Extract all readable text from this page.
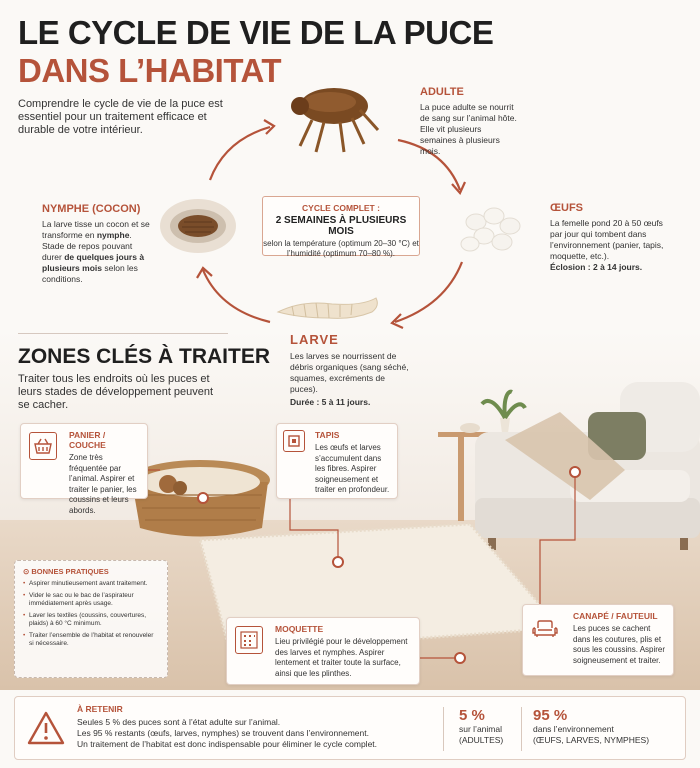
LE CYCLE DE VIE DE LA PUCE
DANS L’HABITAT
Comprendre le cycle de vie de la puce est essentiel pour un traitement efficace et durable de votre intérieur.
ADULTE
La puce adulte se nourrit de sang sur l’animal hôte. Elle vit plusieurs semaines à plusieurs mois.
ŒUFS
La femelle pond 20 à 50 œufs par jour qui tombent dans l’environnement (panier, tapis, moquette, etc.).
Éclosion : 2 à 14 jours.
LARVE
Les larves se nourrissent de débris organiques (sang séché, squames, excréments de puces).
Durée : 5 à 11 jours.
NYMPHE (COCON)
La larve tisse un cocon et se transforme en nymphe. Stade de repos pouvant durer de quelques jours à plusieurs mois selon les conditions.
CYCLE COMPLET :
2 SEMAINES À PLUSIEURS MOIS
selon la température (optimum 20–30 °C) et l’humidité (optimum 70–80 %).
ZONES CLÉS À TRAITER
Traiter tous les endroits où les puces et leurs stades de développement peuvent se cacher.
PANIER / COUCHE
Zone très fréquentée par l’animal. Aspirer et traiter le panier, les coussins et leurs abords.
TAPIS
Les œufs et larves s’accumulent dans les fibres. Aspirer soigneusement et traiter en profondeur.
MOQUETTE
Lieu privilégié pour le développement des larves et nymphes. Aspirer lentement et traiter toute la surface, ainsi que les plinthes.
CANAPÉ / FAUTEUIL
Les puces se cachent dans les coutures, plis et sous les coussins. Aspirer soigneusement et traiter.
⊙ BONNES PRATIQUES
• Aspirer minutieusement avant traitement.
• Vider le sac ou le bac de l’aspirateur immédiatement après usage.
• Laver les textiles (coussins, couvertures, plaids) à 60 °C minimum.
• Traiter l’ensemble de l’habitat et renouveler si nécessaire.
À RETENIR
Seules 5 % des puces sont à l’état adulte sur l’animal.
Les 95 % restants (œufs, larves, nymphes) se trouvent dans l’environnement.
Un traitement de l’habitat est donc indispensable pour éliminer le cycle complet.
5 %
sur l’animal
(ADULTES)
95 %
dans l’environnement
(ŒUFS, LARVES, NYMPHES)
